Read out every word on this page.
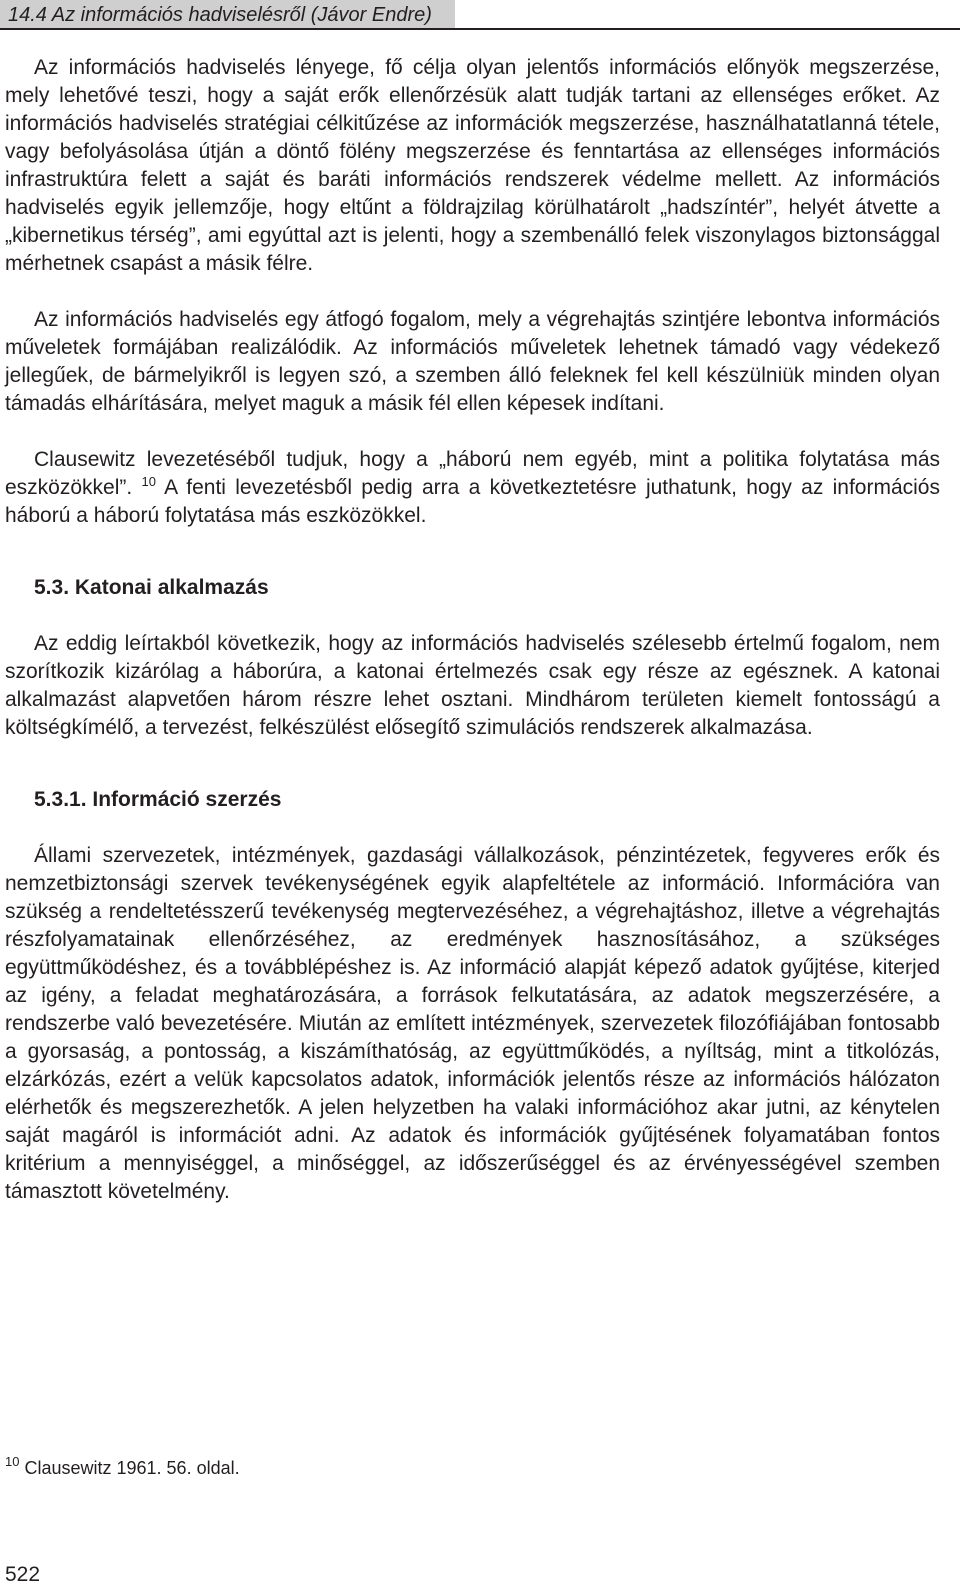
14.4 Az információs hadviselésről (Jávor Endre)

Az információs hadviselés lényege, fő célja olyan jelentős információs előnyök megszerzése, mely lehetővé teszi, hogy a saját erők ellenőrzésük alatt tudják tartani az ellenséges erőket. Az információs hadviselés stratégiai célkitűzése az információk megszerzése, használhatatlanná tétele, vagy befolyásolása útján a döntő fölény megszerzése és fenntartása az ellenséges információs infrastruktúra felett a saját és baráti információs rendszerek védelme mellett. Az információs hadviselés egyik jellemzője, hogy eltűnt a földrajzilag körülhatárolt „hadszíntér”, helyét átvette a „kibernetikus térség”, ami egyúttal azt is jelenti, hogy a szembenálló felek viszonylagos biztonsággal mérhetnek csapást a másik félre.

Az információs hadviselés egy átfogó fogalom, mely a végrehajtás szintjére lebontva információs műveletek formájában realizálódik. Az információs műveletek lehetnek támadó vagy védekező jellegűek, de bármelyikről is legyen szó, a szemben álló feleknek fel kell készülniük minden olyan támadás elhárítására, melyet maguk a másik fél ellen képesek indítani.

Clausewitz levezetéséből tudjuk, hogy a „háború nem egyéb, mint a politika folytatása más eszközökkel”. $^{10}$ A fenti levezetésből pedig arra a következtetésre juthatunk, hogy az információs háború a háború folytatása más eszközökkel.

5.3. Katonai alkalmazás

Az eddig leírtakból következik, hogy az információs hadviselés szélesebb értelmű fogalom, nem szorítkozik kizárólag a háborúra, a katonai értelmezés csak egy része az egésznek. A katonai alkalmazást alapvetően három részre lehet osztani. Mindhárom területen kiemelt fontosságú a költségkímélő, a tervezést, felkészülést elősegítő szimulációs rendszerek alkalmazása.

5.3.1. Információ szerzés

Állami szervezetek, intézmények, gazdasági vállalkozások, pénzintézetek, fegyveres erők és nemzetbiztonsági szervek tevékenységének egyik alapfeltétele az információ. Információra van szükség a rendeltetésszerű tevékenység megtervezéséhez, a végrehajtáshoz, illetve a végrehajtás részfolyamatainak ellenőrzéséhez, az eredmények hasznosításához, a szükséges együttműködéshez, és a továbblépéshez is. Az információ alapját képező adatok gyűjtése, kiterjed az igény, a feladat meghatározására, a források felkutatására, az adatok megszerzésére, a rendszerbe való bevezetésére. Miután az említett intézmények, szervezetek filozófiájában fontosabb a gyorsaság, a pontosság, a kiszámíthatóság, az együttműködés, a nyíltság, mint a titkolózás, elzárkózás, ezért a velük kapcsolatos adatok, információk jelentős része az információs hálózaton elérhetők és megszerezhetők. A jelen helyzetben ha valaki információhoz akar jutni, az kénytelen saját magáról is információt adni. Az adatok és információk gyűjtésének folyamatában fontos kritérium a mennyiséggel, a minőséggel, az időszerűséggel és az érvényességével szemben támasztott követelmény.

$^{10}$ Clausewitz 1961. 56. oldal.
522
